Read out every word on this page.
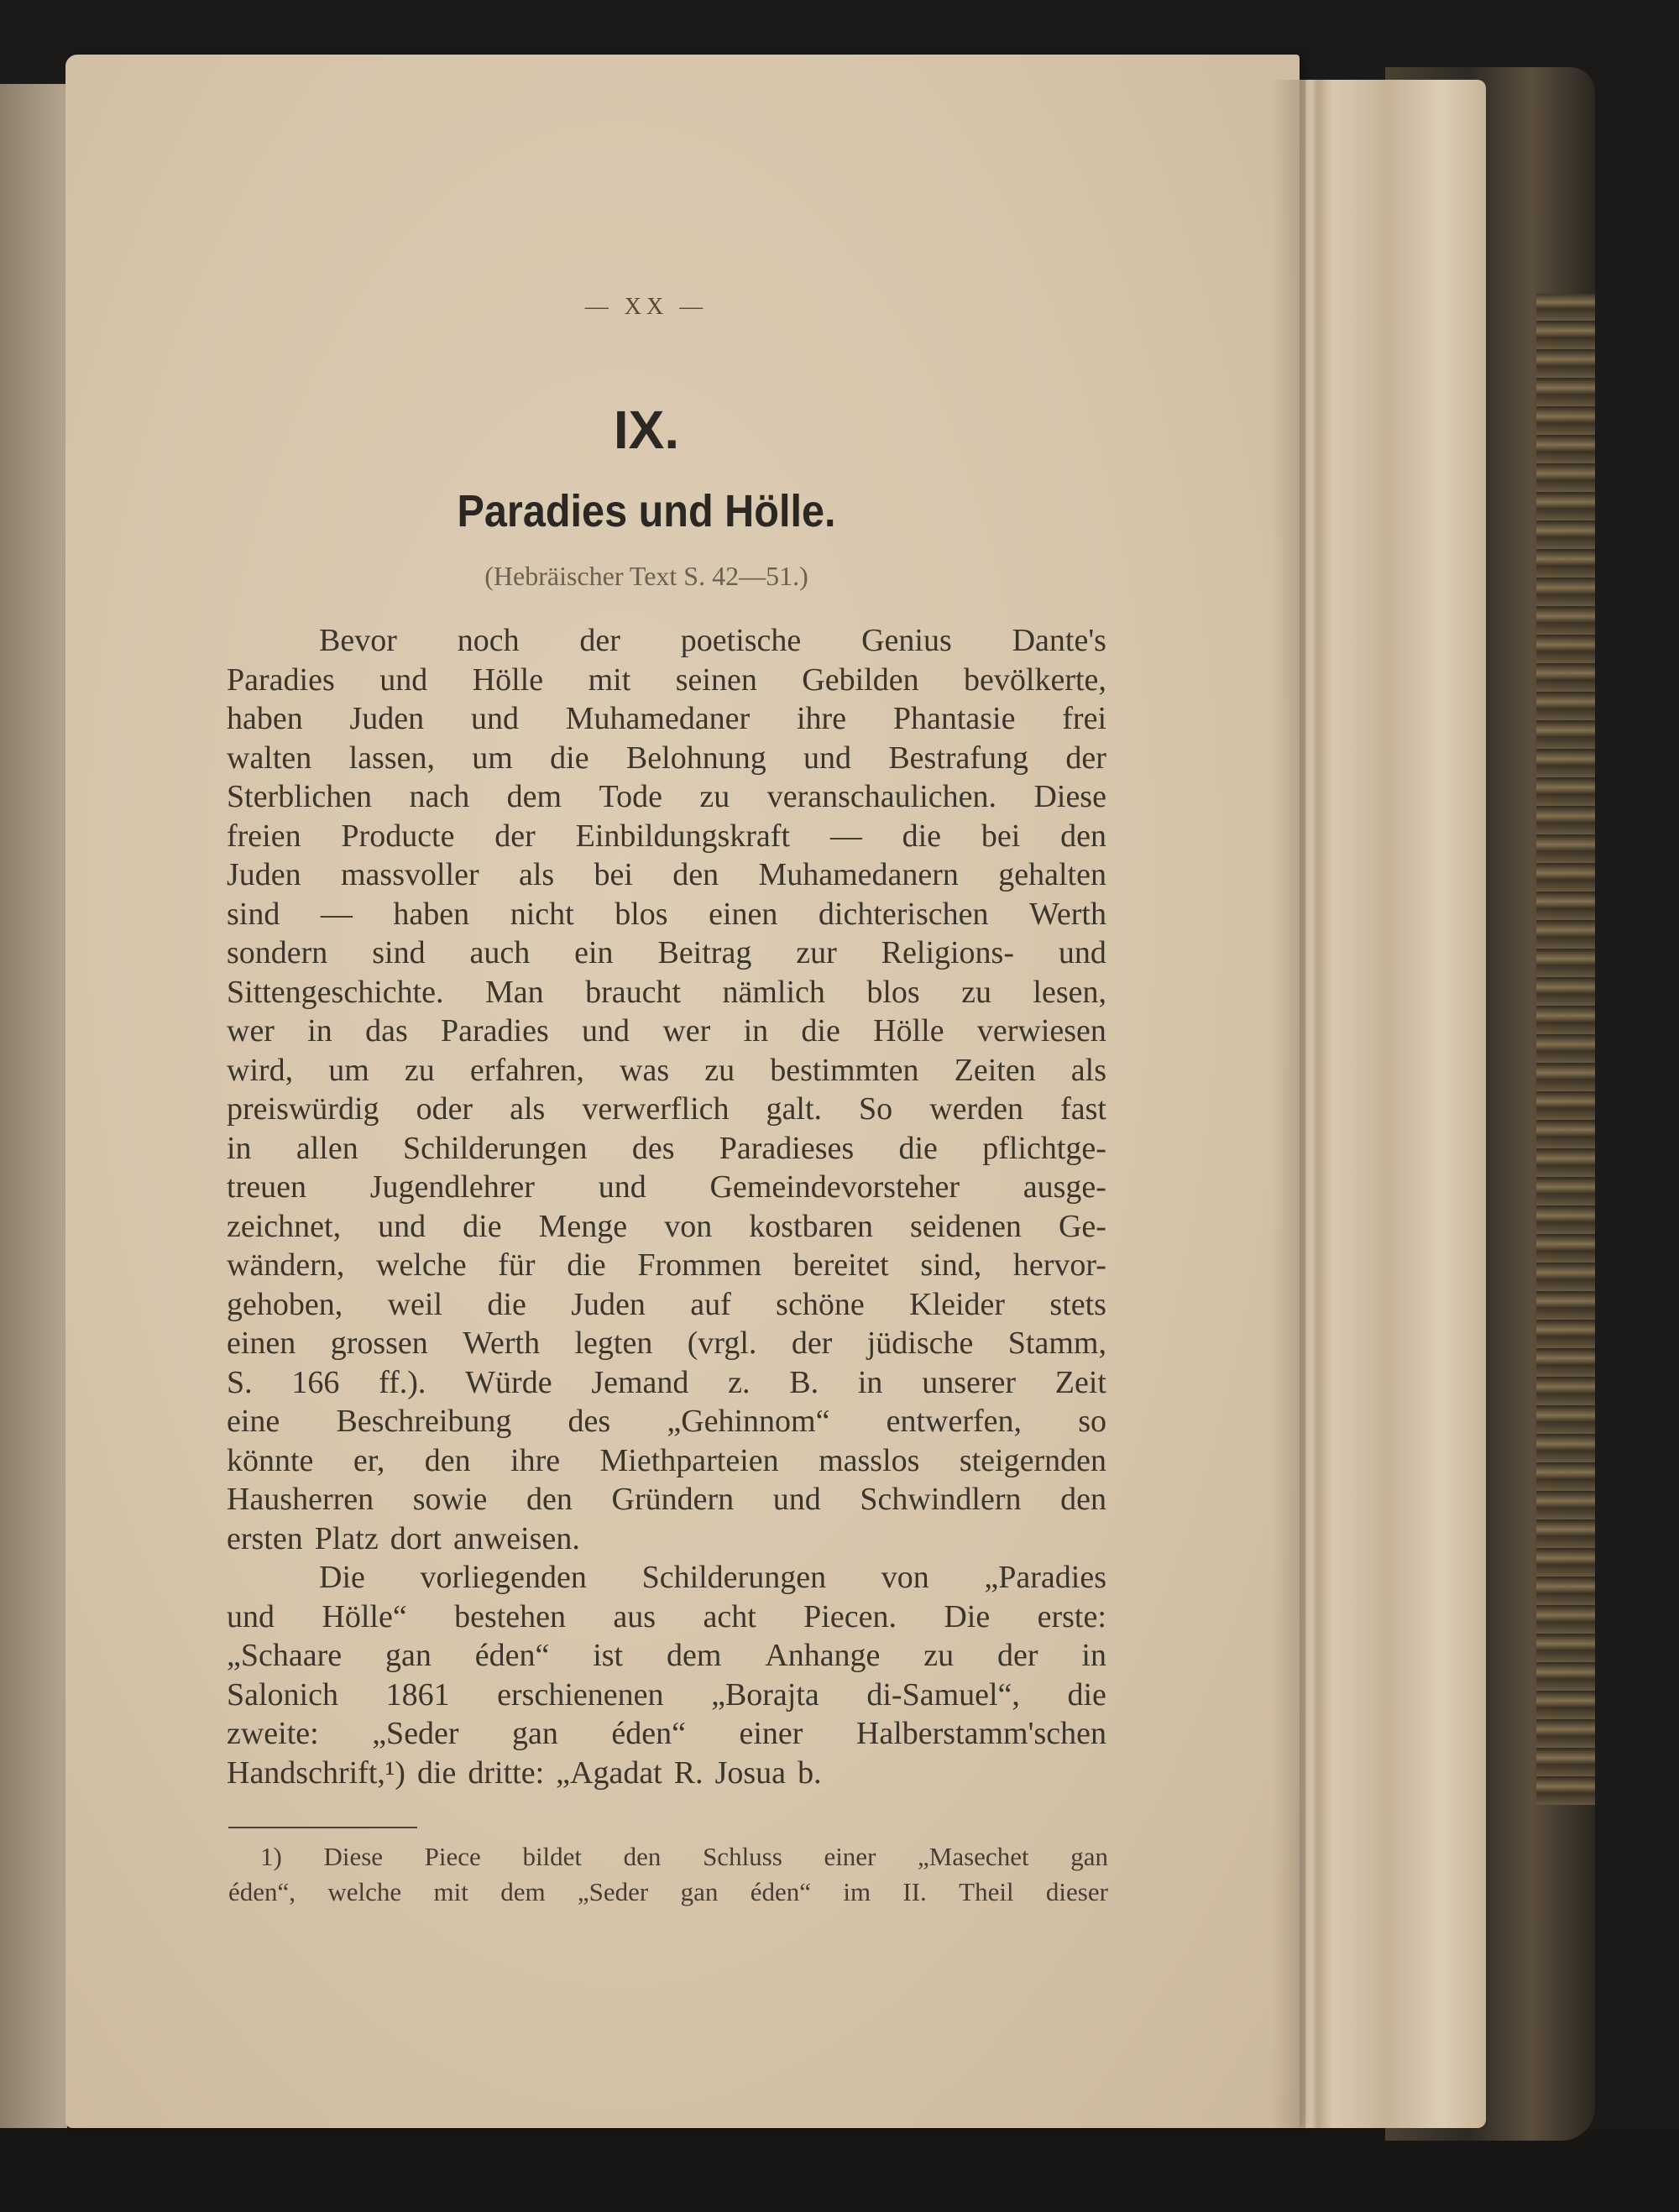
— XX —
IX.
Paradies und Hölle.
(Hebräischer Text S. 42—51.)
Bevor noch der poetische Genius Dante's
Paradies und Hölle mit seinen Gebilden bevölkerte,
haben Juden und Muhamedaner ihre Phantasie frei
walten lassen, um die Belohnung und Bestrafung der
Sterblichen nach dem Tode zu veranschaulichen. Diese
freien Producte der Einbildungskraft — die bei den
Juden massvoller als bei den Muhamedanern gehalten
sind — haben nicht blos einen dichterischen Werth
sondern sind auch ein Beitrag zur Religions- und
Sittengeschichte. Man braucht nämlich blos zu lesen,
wer in das Paradies und wer in die Hölle verwiesen
wird, um zu erfahren, was zu bestimmten Zeiten als
preiswürdig oder als verwerflich galt. So werden fast
in allen Schilderungen des Paradieses die pflichtge-
treuen Jugendlehrer und Gemeindevorsteher ausge-
zeichnet, und die Menge von kostbaren seidenen Ge-
wändern, welche für die Frommen bereitet sind, hervor-
gehoben, weil die Juden auf schöne Kleider stets
einen grossen Werth legten (vrgl. der jüdische Stamm,
S. 166 ff.). Würde Jemand z. B. in unserer Zeit
eine Beschreibung des „Gehinnom“ entwerfen, so
könnte er, den ihre Miethparteien masslos steigernden
Hausherren sowie den Gründern und Schwindlern den
ersten Platz dort anweisen.
Die vorliegenden Schilderungen von „Paradies
und Hölle“ bestehen aus acht Piecen. Die erste:
„Schaare gan éden“ ist dem Anhange zu der in
Salonich 1861 erschienenen „Borajta di-Samuel“, die
zweite: „Seder gan éden“ einer Halberstamm'schen
Handschrift,¹) die dritte: „Agadat R. Josua b.
1) Diese Piece bildet den Schluss einer „Masechet gan
éden“, welche mit dem „Seder gan éden“ im II. Theil dieser
